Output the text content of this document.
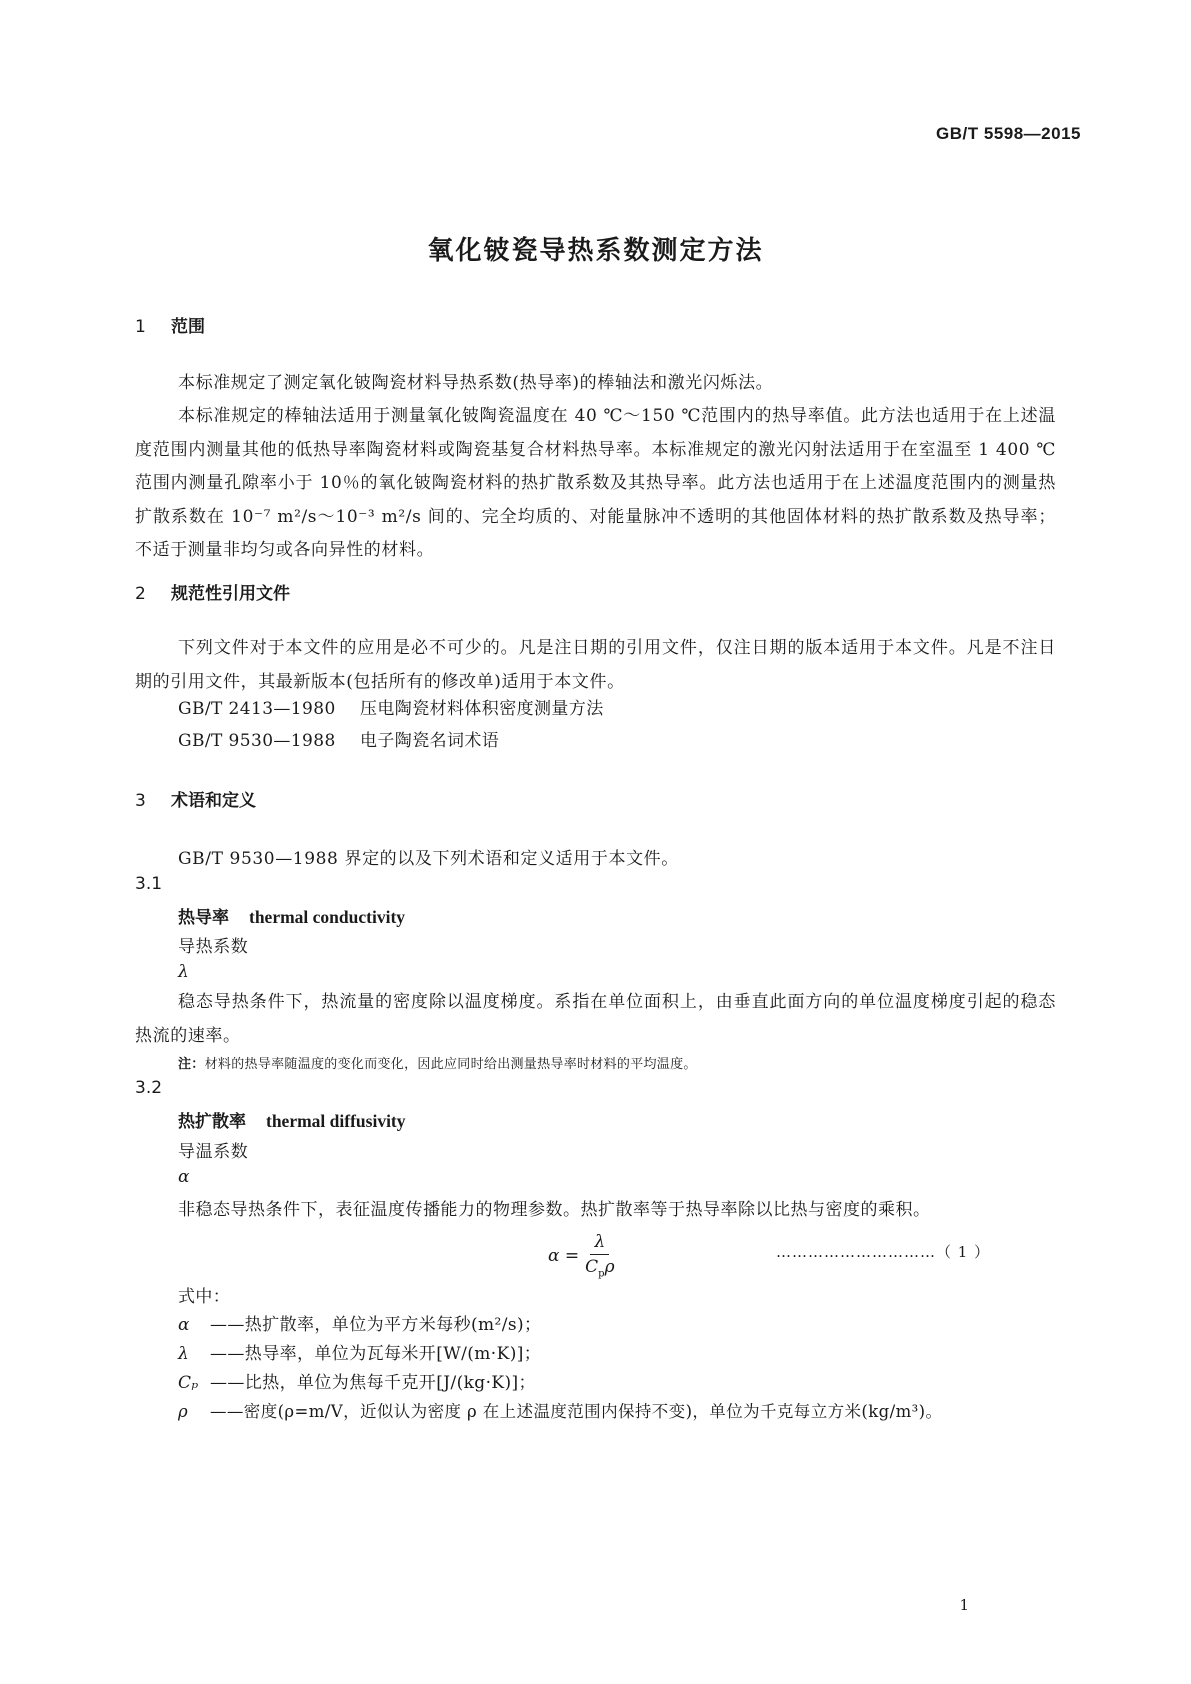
GB/T 5598—2015
氧化铍瓷导热系数测定方法
1 范围
本标准规定了测定氧化铍陶瓷材料导热系数(热导率)的棒轴法和激光闪烁法。
本标准规定的棒轴法适用于测量氧化铍陶瓷温度在 40 ℃～150 ℃范围内的热导率值。此方法也适用于在上述温度范围内测量其他的低热导率陶瓷材料或陶瓷基复合材料热导率。本标准规定的激光闪射法适用于在室温至 1 400 ℃范围内测量孔隙率小于 10％的氧化铍陶瓷材料的热扩散系数及其热导率。此方法也适用于在上述温度范围内的测量热扩散系数在 10⁻⁷ m²/s～10⁻³ m²/s 间的、完全均质的、对能量脉冲不透明的其他固体材料的热扩散系数及热导率；不适于测量非均匀或各向异性的材料。
2 规范性引用文件
下列文件对于本文件的应用是必不可少的。凡是注日期的引用文件，仅注日期的版本适用于本文件。凡是不注日期的引用文件，其最新版本(包括所有的修改单)适用于本文件。
GB/T 2413—1980 压电陶瓷材料体积密度测量方法
GB/T 9530—1988 电子陶瓷名词术语
3 术语和定义
GB/T 9530—1988 界定的以及下列术语和定义适用于本文件。
3.1
热导率 thermal conductivity
导热系数
λ
稳态导热条件下，热流量的密度除以温度梯度。系指在单位面积上，由垂直此面方向的单位温度梯度引起的稳态热流的速率。
注：材料的热导率随温度的变化而变化，因此应同时给出测量热导率时材料的平均温度。
3.2
热扩散率 thermal diffusivity
导温系数
α
非稳态导热条件下，表征温度传播能力的物理参数。热扩散率等于热导率除以比热与密度的乘积。
$\alpha = \frac{\lambda}{C_p\rho}$	…………………………（ 1 ）
式中：
α ——热扩散率，单位为平方米每秒(m²/s)；
λ ——热导率，单位为瓦每米开[W/(m·K)]；
Cₚ ——比热，单位为焦每千克开[J/(kg·K)]；
ρ ——密度(ρ=m/V，近似认为密度 ρ 在上述温度范围内保持不变)，单位为千克每立方米(kg/m³)。
1
